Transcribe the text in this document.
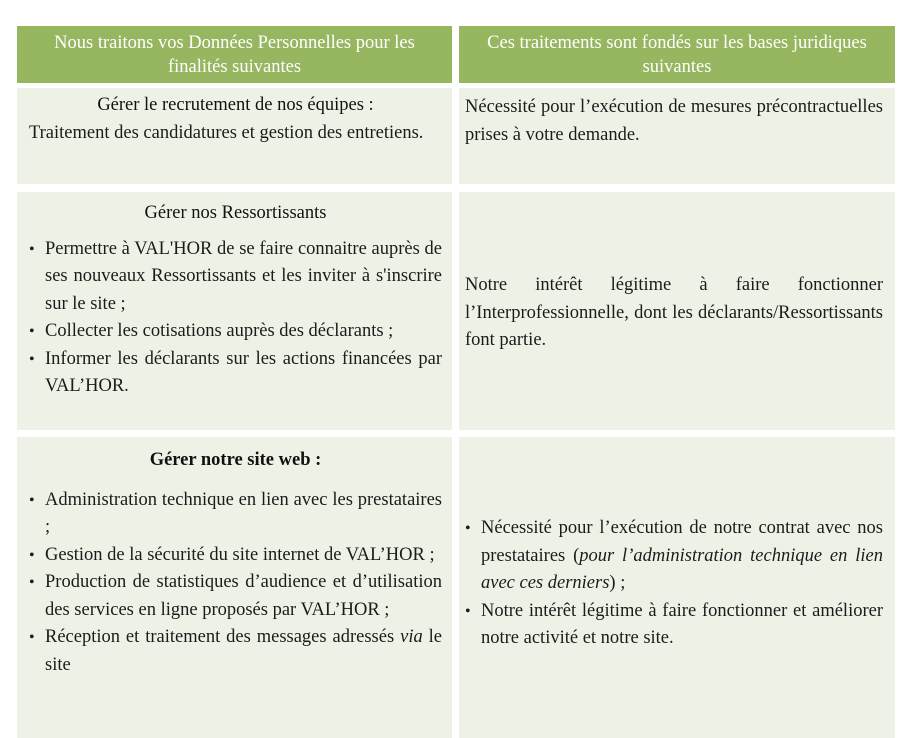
Nous traitons vos Données Personnelles pour les finalités suivantes
Ces traitements sont fondés sur les bases juridiques suivantes

Gérer le recrutement de nos équipes :

Traitement des candidatures et gestion des entretiens.

Nécessité pour l’exécution de mesures précontractuelles prises à votre demande.

Gérer nos Ressortissants

• Permettre à VAL'HOR de se faire connaitre auprès de ses nouveaux Ressortissants et les inviter à s'inscrire sur le site ;
• Collecter les cotisations auprès des déclarants ;
• Informer les déclarants sur les actions financées par VAL’HOR.

Notre intérêt légitime à faire fonctionner l’Interprofessionnelle, dont les déclarants/Ressortissants font partie.

Gérer notre site web :

• Administration technique en lien avec les prestataires ;
• Gestion de la sécurité du site internet de VAL’HOR ;
• Production de statistiques d’audience et d’utilisation des services en ligne proposés par VAL’HOR ;
• Réception et traitement des messages adressés via le site
• Nécessité pour l’exécution de notre contrat avec nos prestataires (pour l’administration technique en lien avec ces derniers) ;
• Notre intérêt légitime à faire fonctionner et améliorer notre activité et notre site.
